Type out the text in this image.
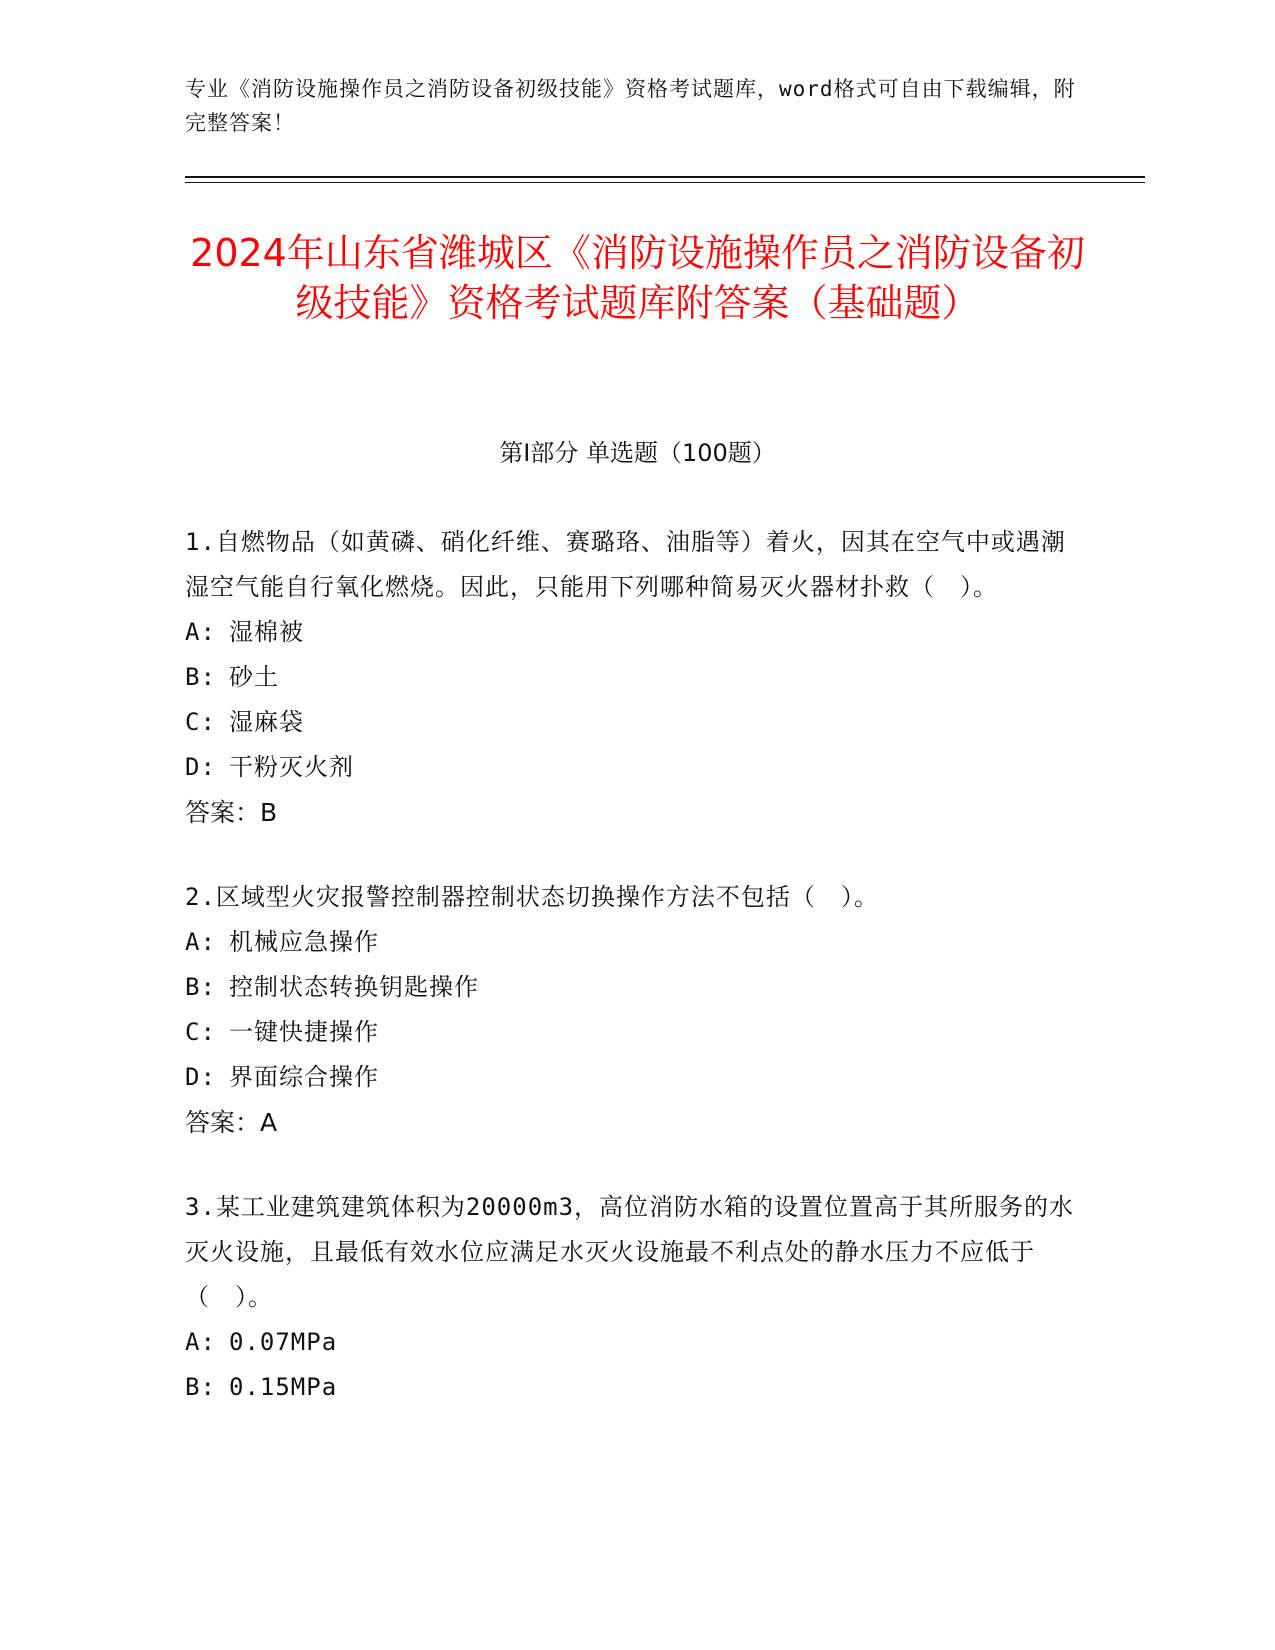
专业《消防设施操作员之消防设备初级技能》资格考试题库，word格式可自由下载编辑，附完整答案！
2024年山东省潍城区《消防设施操作员之消防设备初级技能》资格考试题库附答案（基础题）
第I部分 单选题（100题）
1.自燃物品（如黄磷、硝化纤维、赛璐珞、油脂等）着火，因其在空气中或遇潮湿空气能自行氧化燃烧。因此，只能用下列哪种简易灭火器材扑救（　）。
A: 湿棉被
B: 砂土
C: 湿麻袋
D: 干粉灭火剂
答案：B
2.区域型火灾报警控制器控制状态切换操作方法不包括（　）。
A: 机械应急操作
B: 控制状态转换钥匙操作
C: 一键快捷操作
D: 界面综合操作
答案：A
3.某工业建筑建筑体积为20000m3，高位消防水箱的设置位置高于其所服务的水灭火设施，且最低有效水位应满足水灭火设施最不利点处的静水压力不应低于（　）。
A: 0.07MPa
B: 0.15MPa
